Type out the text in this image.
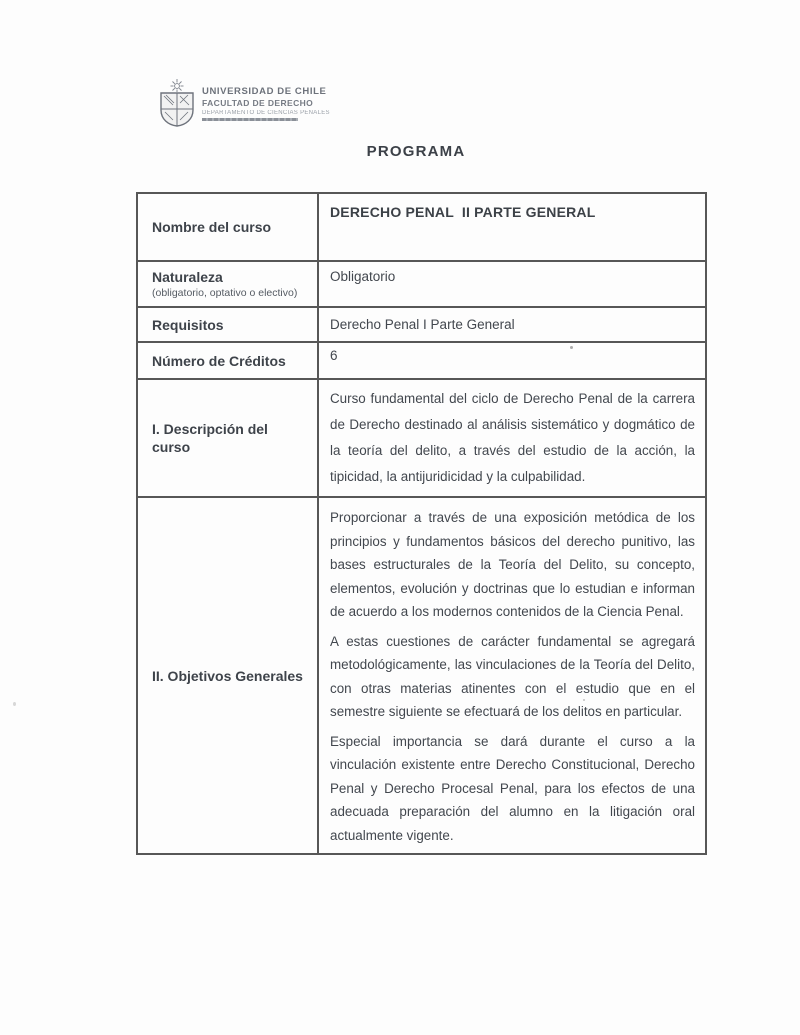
UNIVERSIDAD DE CHILE
FACULTAD DE DERECHO
DEPARTAMENTO DE CIENCIAS PENALES
PROGRAMA
Nombre del curso	DERECHO PENAL  II PARTE GENERAL

Naturaleza
(obligatorio, optativo o electivo)	Obligatorio

Requisitos	Derecho Penal I Parte General

Número de Créditos	6

I. Descripción del curso	Curso fundamental del ciclo de Derecho Penal de la carrera de Derecho destinado al análisis sistemático y dogmático de la teoría del delito, a través del estudio de la acción, la tipicidad, la antijuridicidad y la culpabilidad.

II. Objetivos Generales	Proporcionar a través de una exposición metódica de los principios y fundamentos básicos del derecho punitivo, las bases estructurales de la Teoría del Delito, su concepto, elementos, evolución y doctrinas que lo estudian e informan de acuerdo a los modernos contenidos de la Ciencia Penal.

A estas cuestiones de carácter fundamental se agregará metodológicamente, las vinculaciones de la Teoría del Delito, con otras materias atinentes con el estudio que en el semestre siguiente se efectuará de los delitos en particular.

Especial importancia se dará durante el curso a la vinculación existente entre Derecho Constitucional, Derecho Penal y Derecho Procesal Penal, para los efectos de una adecuada preparación del alumno en la litigación oral actualmente vigente.
